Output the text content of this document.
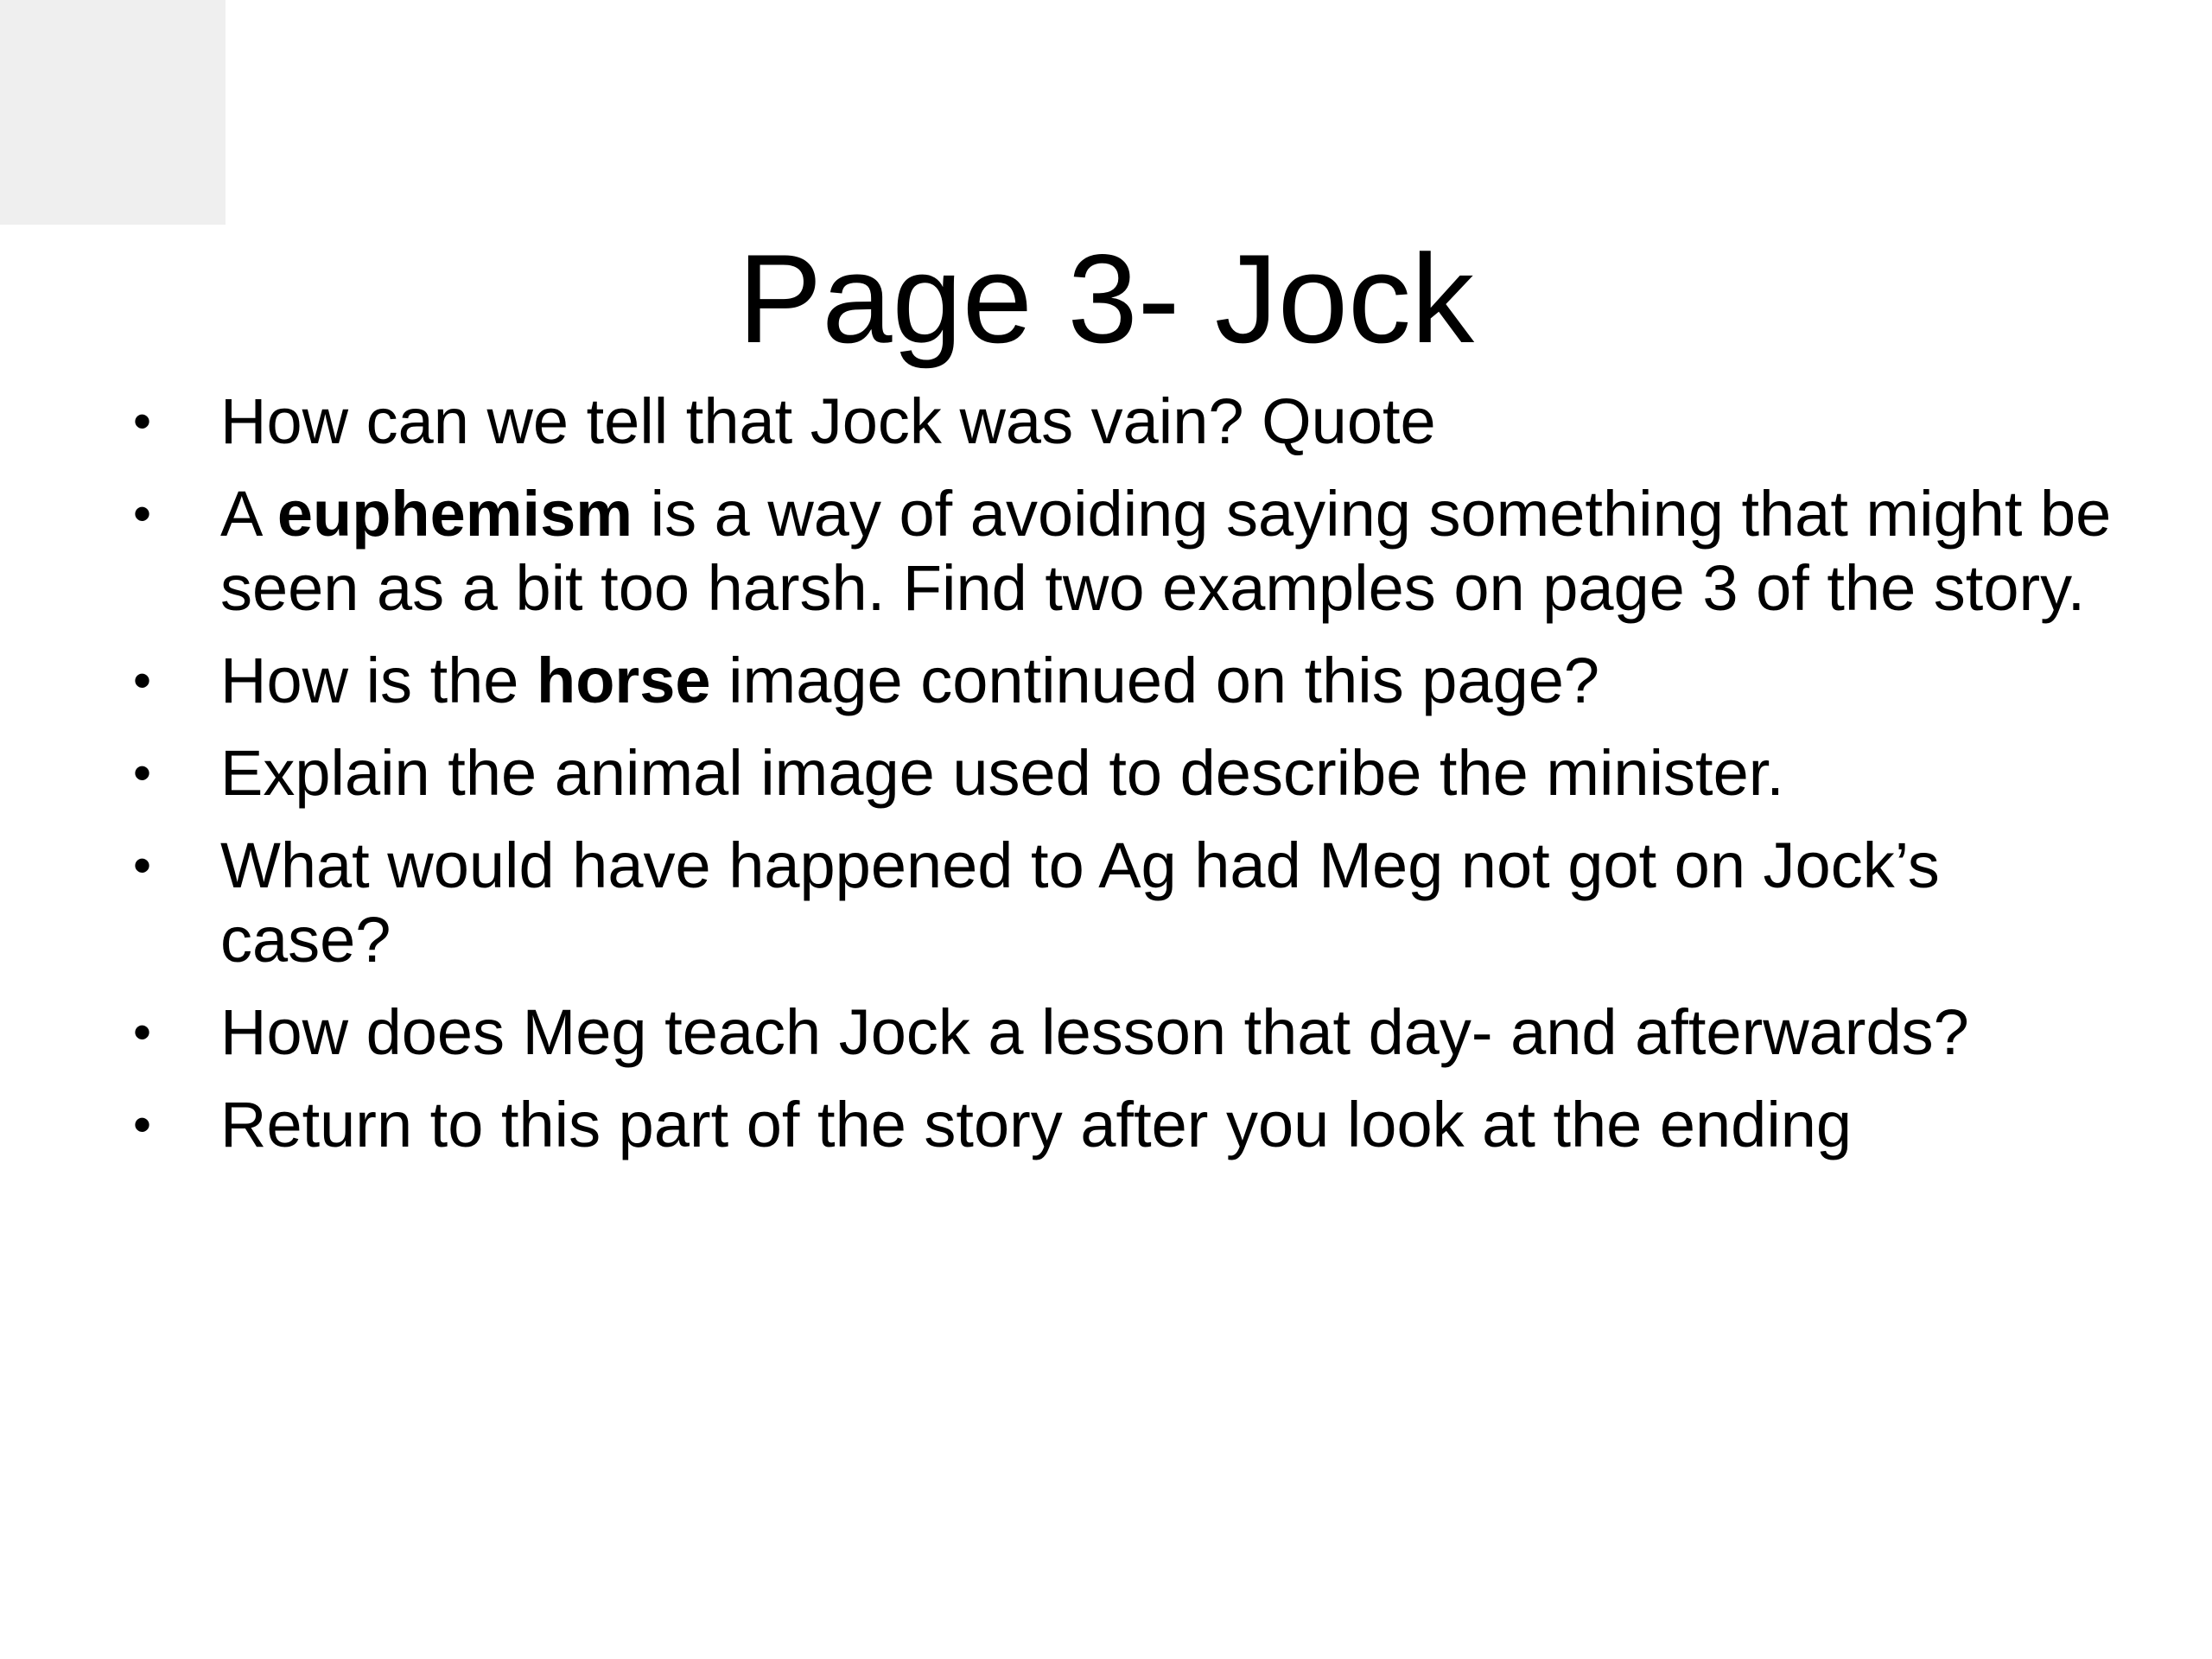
Page 3- Jock
• How can we tell that Jock was vain? Quote
• A euphemism is a way of avoiding saying something that might be seen as a bit too harsh. Find two examples on page 3 of the story.
• How is the horse image continued on this page?
• Explain the animal image used to describe the minister.
• What would have happened to Ag had Meg not got on Jock’s case?
• How does Meg teach Jock a lesson that day- and afterwards?
• Return to this part of the story after you look at the ending
